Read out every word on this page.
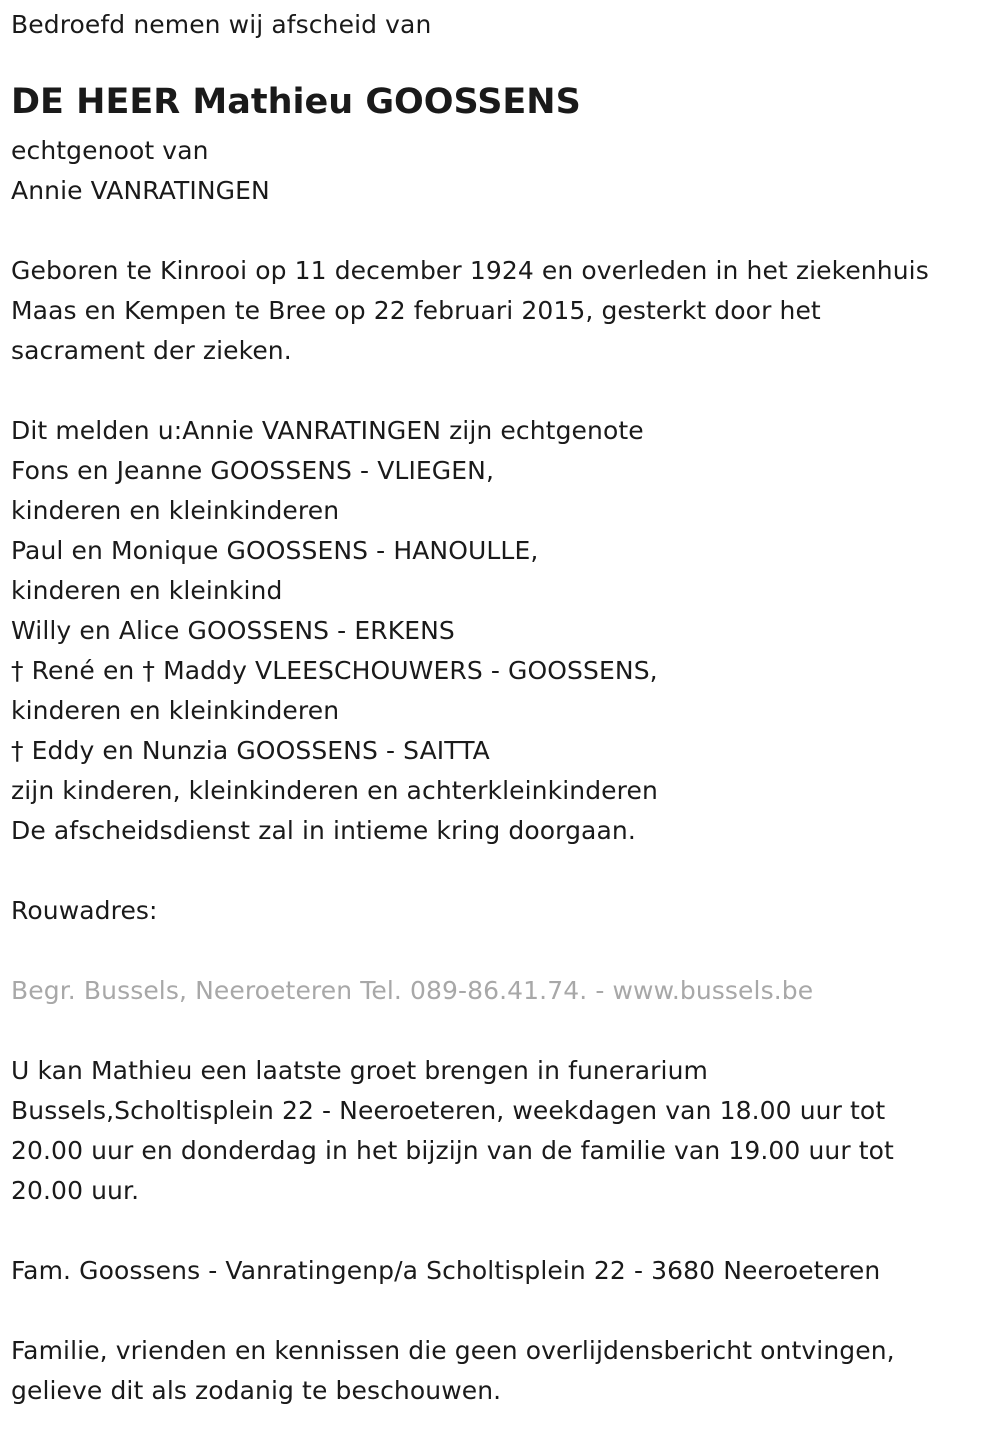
Bedroefd nemen wij afscheid van
DE HEER Mathieu GOOSSENS
echtgenoot van
Annie VANRATINGEN
Geboren te Kinrooi op 11 december 1924 en overleden in het ziekenhuis
Maas en Kempen te Bree op 22 februari 2015, gesterkt door het
sacrament der zieken.
Dit melden u:Annie VANRATINGEN zijn echtgenote
Fons en Jeanne GOOSSENS - VLIEGEN,
kinderen en kleinkinderen
Paul en Monique GOOSSENS - HANOULLE,
kinderen en kleinkind
Willy en Alice GOOSSENS - ERKENS
† René en † Maddy VLEESCHOUWERS - GOOSSENS,
kinderen en kleinkinderen
† Eddy en Nunzia GOOSSENS - SAITTA
zijn kinderen, kleinkinderen en achterkleinkinderen
De afscheidsdienst zal in intieme kring doorgaan.
Rouwadres:
Begr. Bussels, Neeroeteren Tel. 089-86.41.74. - www.bussels.be
U kan Mathieu een laatste groet brengen in funerarium
Bussels,Scholtisplein 22 - Neeroeteren, weekdagen van 18.00 uur tot
20.00 uur en donderdag in het bijzijn van de familie van 19.00 uur tot
20.00 uur.
Fam. Goossens - Vanratingenp/a Scholtisplein 22 - 3680 Neeroeteren
Familie, vrienden en kennissen die geen overlijdensbericht ontvingen,
gelieve dit als zodanig te beschouwen.
